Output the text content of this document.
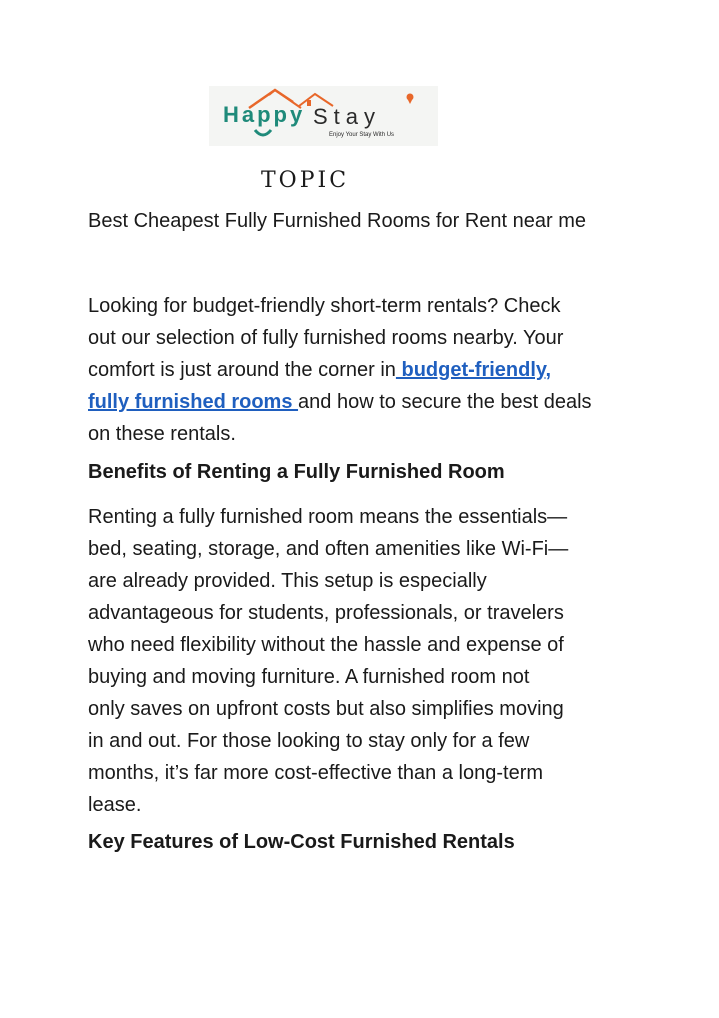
Happy Stay
Enjoy Your Stay With Us
TOPIC
Best Cheapest Fully Furnished Rooms for Rent near me

Looking for budget-friendly short-term rentals? Check
out our selection of fully furnished rooms nearby. Your
comfort is just around the corner in budget-friendly,
fully furnished rooms and how to secure the best deals
on these rentals.

Benefits of Renting a Fully Furnished Room

Renting a fully furnished room means the essentials—
bed, seating, storage, and often amenities like Wi-Fi—
are already provided. This setup is especially
advantageous for students, professionals, or travelers
who need flexibility without the hassle and expense of
buying and moving furniture. A furnished room not
only saves on upfront costs but also simplifies moving
in and out. For those looking to stay only for a few
months, it’s far more cost-effective than a long-term
lease.

Key Features of Low-Cost Furnished Rentals
